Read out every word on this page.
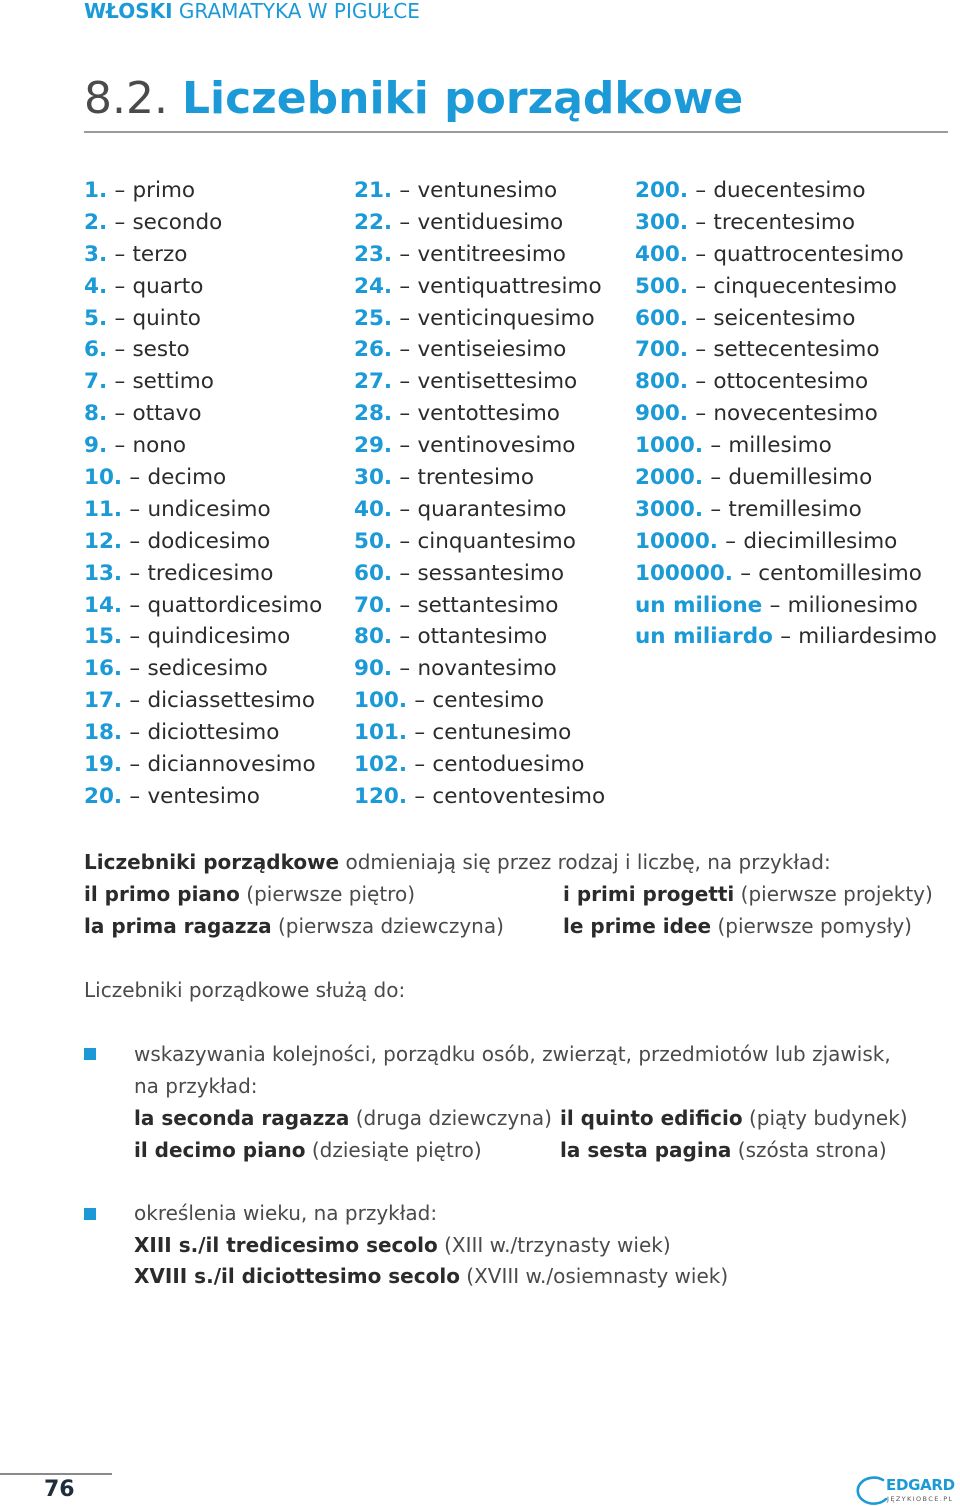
WŁOSKI GRAMATYKA W PIGUŁCE
8.2. Liczebniki porządkowe
1. – primo
2. – secondo
3. – terzo
4. – quarto
5. – quinto
6. – sesto
7. – settimo
8. – ottavo
9. – nono
10. – decimo
11. – undicesimo
12. – dodicesimo
13. – tredicesimo
14. – quattordicesimo
15. – quindicesimo
16. – sedicesimo
17. – diciassettesimo
18. – diciottesimo
19. – diciannovesimo
20. – ventesimo
21. – ventunesimo
22. – ventiduesimo
23. – ventitreesimo
24. – ventiquattresimo
25. – venticinquesimo
26. – ventiseiesimo
27. – ventisettesimo
28. – ventottesimo
29. – ventinovesimo
30. – trentesimo
40. – quarantesimo
50. – cinquantesimo
60. – sessantesimo
70. – settantesimo
80. – ottantesimo
90. – novantesimo
100. – centesimo
101. – centunesimo
102. – centoduesimo
120. – centoventesimo
200. – duecentesimo
300. – trecentesimo
400. – quattrocentesimo
500. – cinquecentesimo
600. – seicentesimo
700. – settecentesimo
800. – ottocentesimo
900. – novecentesimo
1000. – millesimo
2000. – duemillesimo
3000. – tremillesimo
10000. – diecimillesimo
100000. – centomillesimo
un milione – milionesimo
un miliardo – miliardesimo
Liczebniki porządkowe odmieniają się przez rodzaj i liczbę, na przykład:
il primo piano (pierwsze piętro)	i primi progetti (pierwsze projekty)
la prima ragazza (pierwsza dziewczyna)	le prime idee (pierwsze pomysły)
Liczebniki porządkowe służą do:
wskazywania kolejności, porządku osób, zwierząt, przedmiotów lub zjawisk,
na przykład:
la seconda ragazza (druga dziewczyna) il quinto edificio (piąty budynek)
il decimo piano (dziesiąte piętro)	la sesta pagina (szósta strona)
określenia wieku, na przykład:
XIII s./il tredicesimo secolo (XIII w./trzynasty wiek)
XVIII s./il diciottesimo secolo (XVIII w./osiemnasty wiek)
76	EDGARD
JĘZYKIOBCE.PL
